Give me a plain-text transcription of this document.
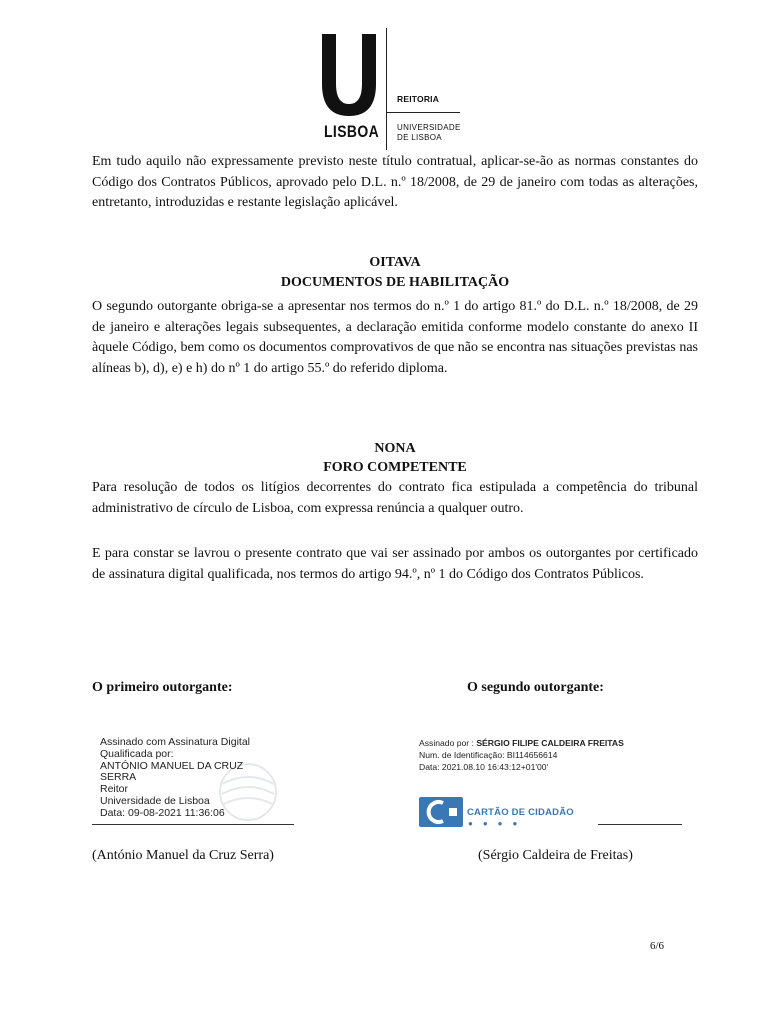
LISBOA
REITORIA
UNIVERSIDADE
DE LISBOA
Em tudo aquilo não expressamente previsto neste título contratual, aplicar-se-ão as normas constantes do Código dos Contratos Públicos, aprovado pelo D.L. n.º 18/2008, de 29 de janeiro com todas as alterações, entretanto, introduzidas e restante legislação aplicável.
OITAVA
DOCUMENTOS DE HABILITAÇÃO
O segundo outorgante obriga-se a apresentar nos termos do n.º 1 do artigo 81.º do D.L. n.º 18/2008, de 29 de janeiro e alterações legais subsequentes, a declaração emitida conforme modelo constante do anexo II àquele Código, bem como os documentos comprovativos de que não se encontra nas situações previstas nas alíneas b), d), e) e h) do nº 1 do artigo 55.º do referido diploma.
NONA
FORO COMPETENTE
Para resolução de todos os litígios decorrentes do contrato fica estipulada a competência do tribunal administrativo de círculo de Lisboa, com expressa renúncia a qualquer outro.
E para constar se lavrou o presente contrato que vai ser assinado por ambos os outorgantes por certificado de assinatura digital qualificada, nos termos do artigo 94.º, nº 1 do Código dos Contratos Públicos.
O primeiro outorgante:	O segundo outorgante:
Assinado com Assinatura Digital
Qualificada por:
ANTÓNIO MANUEL DA CRUZ
SERRA
Reitor
Universidade de Lisboa
Data: 09-08-2021 11:36:06
Assinado por : SÉRGIO FILIPE CALDEIRA FREITAS
Num. de Identificação: BI114656614
Data: 2021.08.10 16:43:12+01'00'
CARTÃO DE CIDADÃO
● ● ● ●
(António Manuel da Cruz Serra)	(Sérgio Caldeira de Freitas)
6/6
